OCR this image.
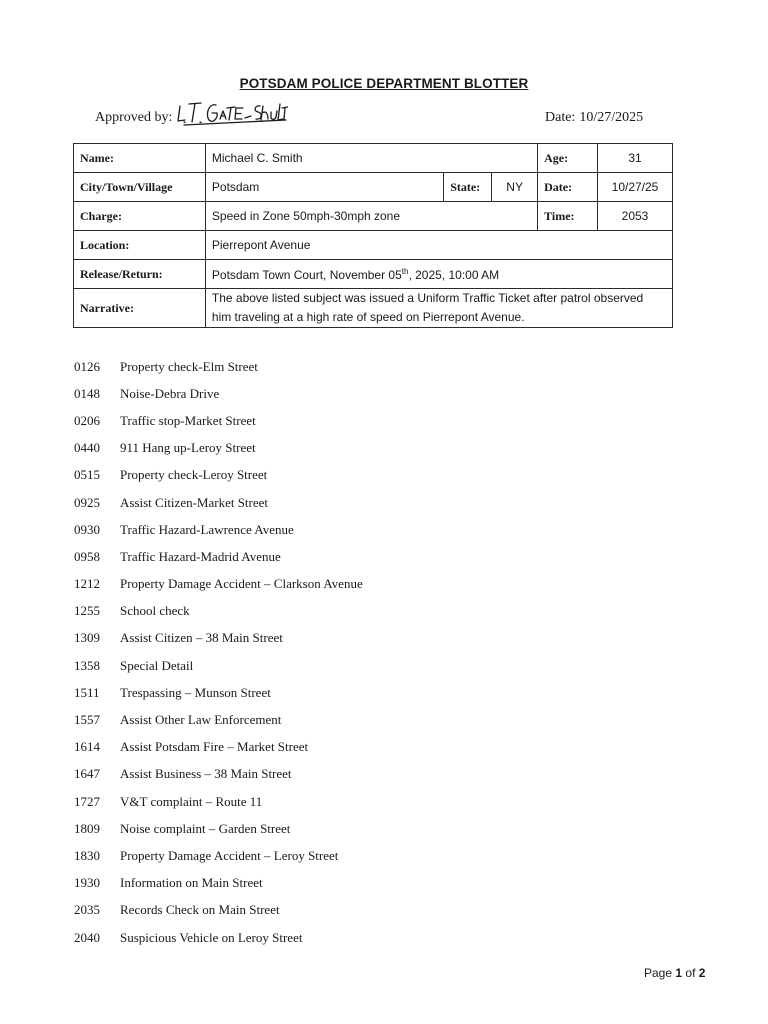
POTSDAM POLICE DEPARTMENT BLOTTER
Approved by:	Date: 10/27/2025
Name:	Michael C. Smith			Age:	31
City/Town/Village	Potsdam	State:	NY	Date:	10/27/25
Charge:	Speed in Zone 50mph-30mph zone			Time:	2053
Location:	Pierrepont Avenue				
Release/Return:	Potsdam Town Court, November 05th, 2025, 10:00 AM				
Narrative:	The above listed subject was issued a Uniform Traffic Ticket after patrol observed
him traveling at a high rate of speed on Pierrepont Avenue.				
0126	Property check-Elm Street
0148	Noise-Debra Drive
0206	Traffic stop-Market Street
0440	911 Hang up-Leroy Street
0515	Property check-Leroy Street
0925	Assist Citizen-Market Street
0930	Traffic Hazard-Lawrence Avenue
0958	Traffic Hazard-Madrid Avenue
1212	Property Damage Accident – Clarkson Avenue
1255	School check
1309	Assist Citizen – 38 Main Street
1358	Special Detail
1511	Trespassing – Munson Street
1557	Assist Other Law Enforcement
1614	Assist Potsdam Fire – Market Street
1647	Assist Business – 38 Main Street
1727	V&T complaint – Route 11
1809	Noise complaint – Garden Street
1830	Property Damage Accident – Leroy Street
1930	Information on Main Street
2035	Records Check on Main Street
2040	Suspicious Vehicle on Leroy Street
Page 1 of 2
